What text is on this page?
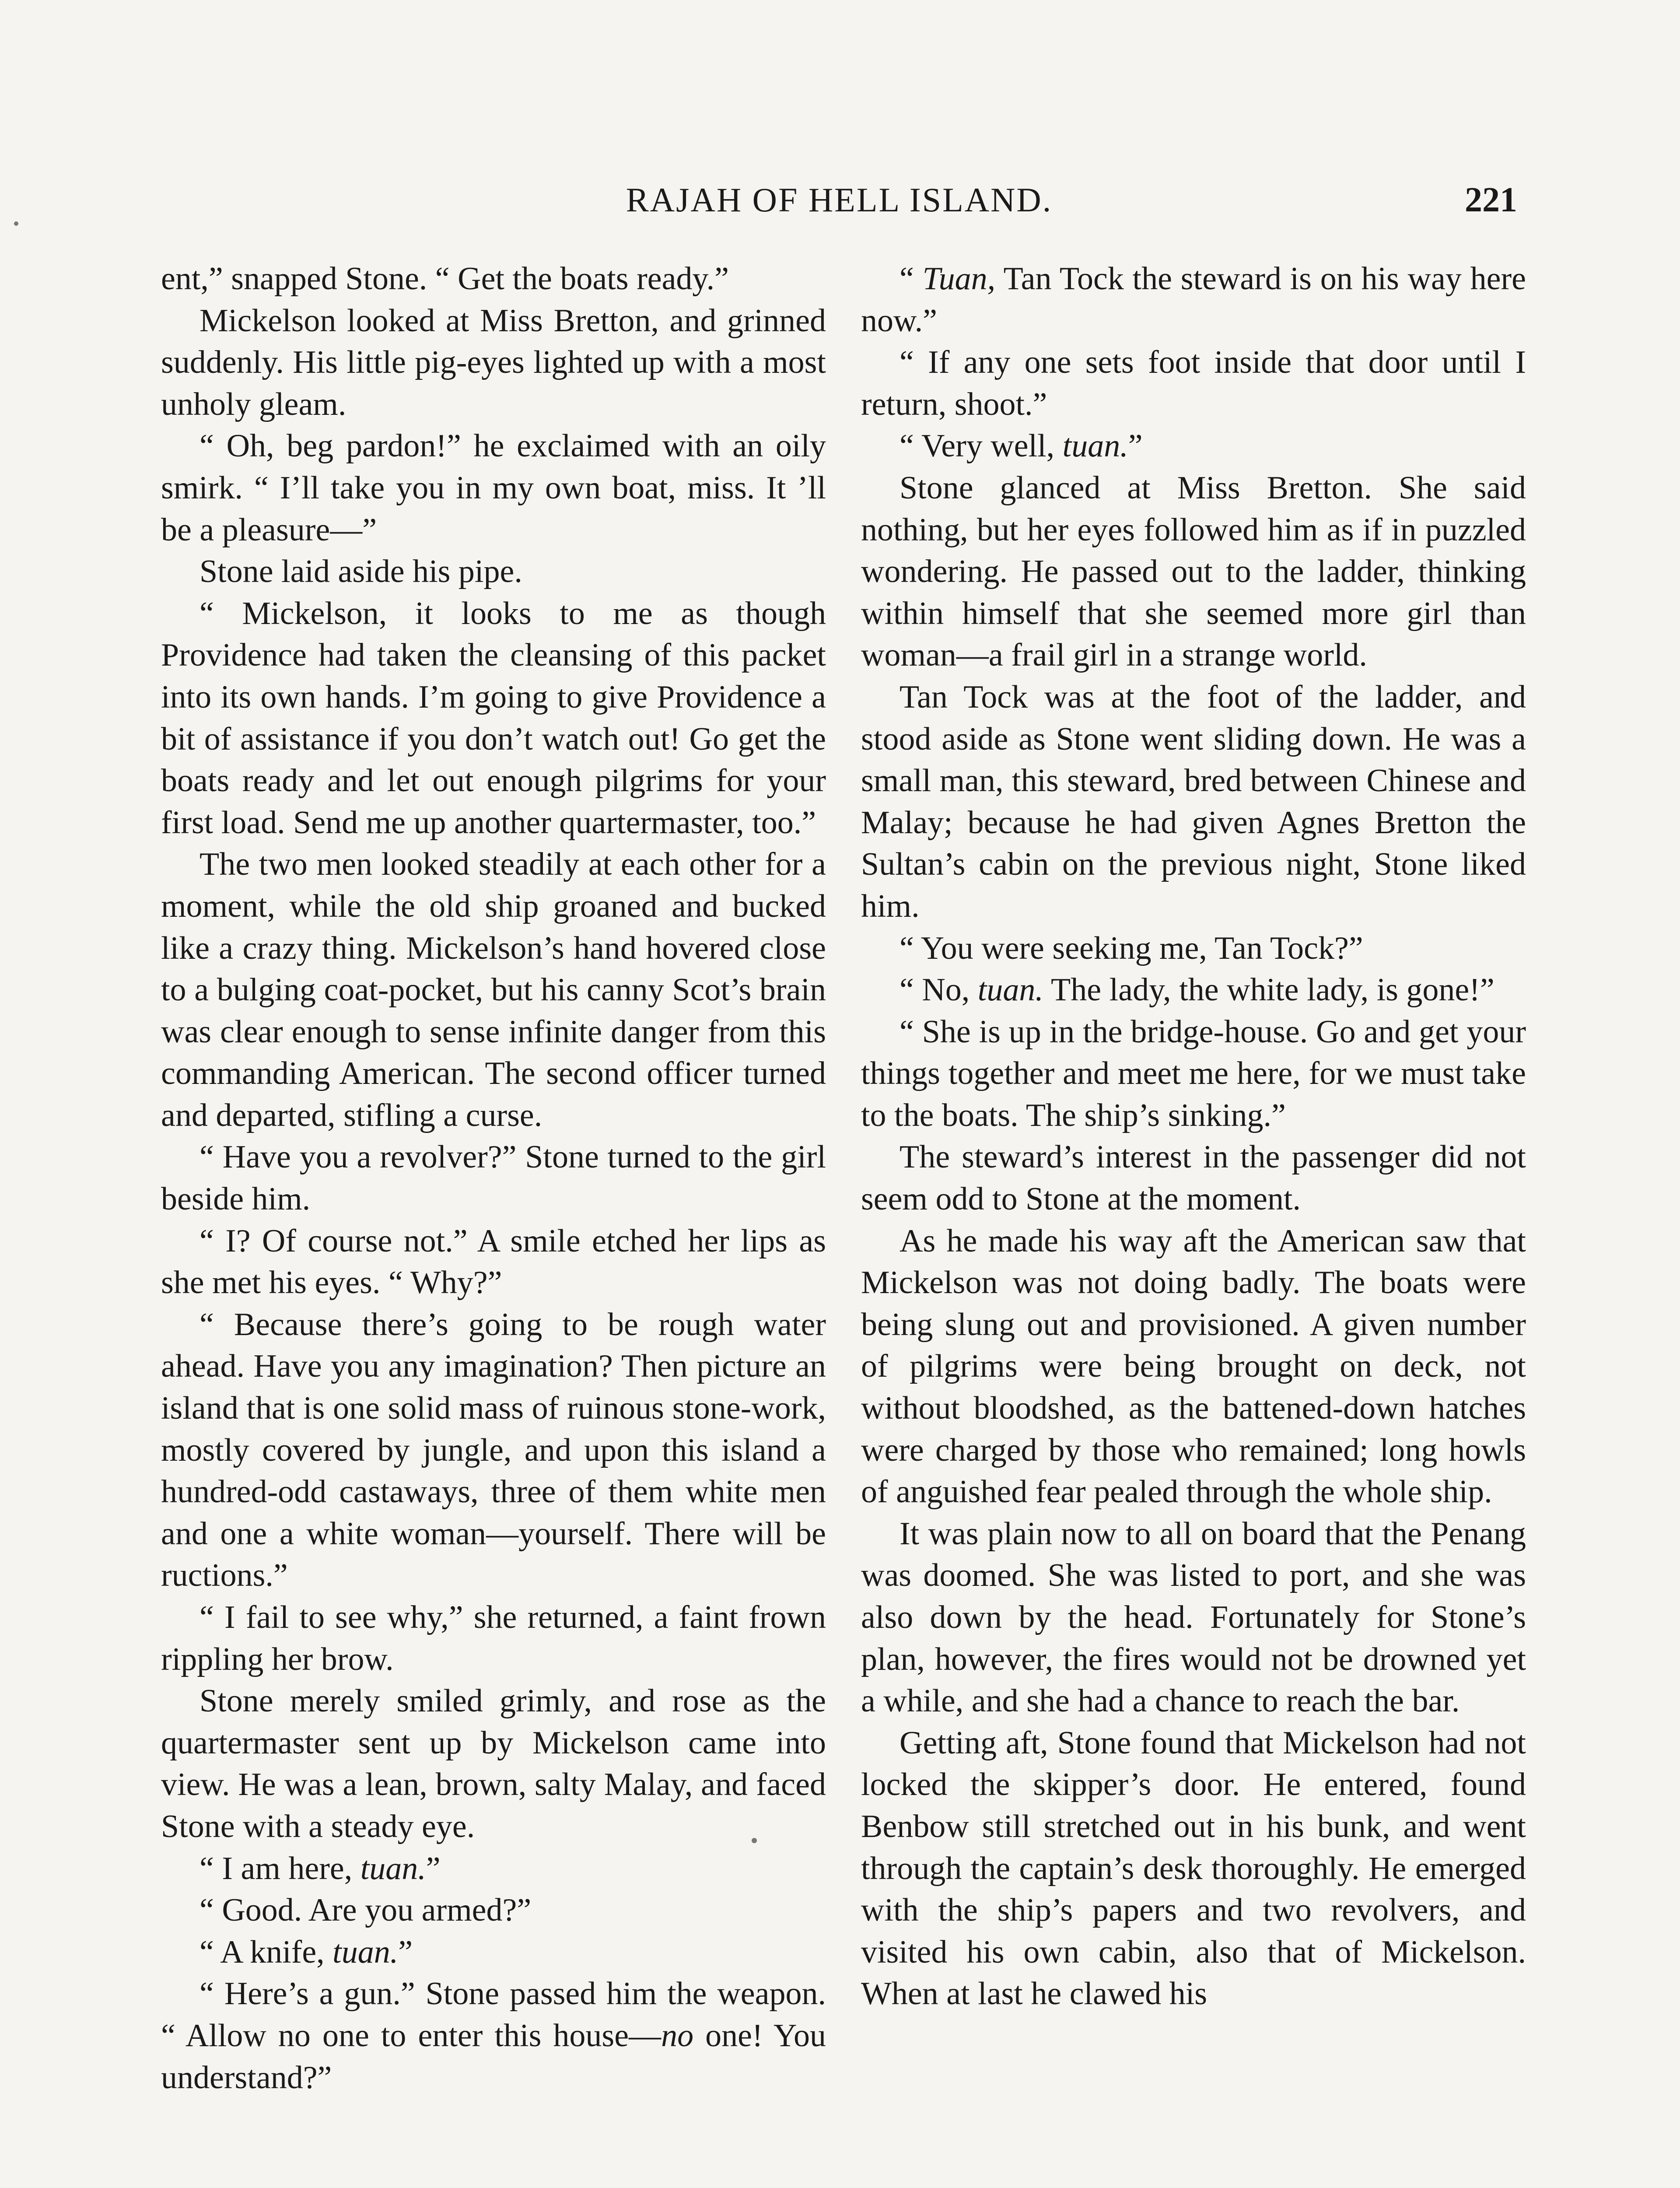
RAJAH OF HELL ISLAND.	221

ent,” snapped Stone. “ Get the boats ready.”

Mickelson looked at Miss Bretton, and grinned suddenly. His little pig-eyes lighted up with a most unholy gleam.

“ Oh, beg pardon!” he exclaimed with an oily smirk. “ I’ll take you in my own boat, miss. It ’ll be a pleasure—”

Stone laid aside his pipe.

“ Mickelson, it looks to me as though Providence had taken the cleansing of this packet into its own hands. I’m going to give Providence a bit of assistance if you don’t watch out! Go get the boats ready and let out enough pilgrims for your first load. Send me up another quartermaster, too.”

The two men looked steadily at each other for a moment, while the old ship groaned and bucked like a crazy thing. Mickelson’s hand hovered close to a bulging coat-pocket, but his canny Scot’s brain was clear enough to sense infinite danger from this commanding American. The second officer turned and departed, stifling a curse.

“ Have you a revolver?” Stone turned to the girl beside him.

“ I? Of course not.” A smile etched her lips as she met his eyes. “ Why?”

“ Because there’s going to be rough water ahead. Have you any imagination? Then picture an island that is one solid mass of ruinous stone-work, mostly covered by jungle, and upon this island a hundred-odd castaways, three of them white men and one a white woman—yourself. There will be ructions.”

“ I fail to see why,” she returned, a faint frown rippling her brow.

Stone merely smiled grimly, and rose as the quartermaster sent up by Mickelson came into view. He was a lean, brown, salty Malay, and faced Stone with a steady eye.

“ I am here, tuan.”

“ Good. Are you armed?”

“ A knife, tuan.”

“ Here’s a gun.” Stone passed him the weapon. “ Allow no one to enter this house—no one! You understand?”

“ Tuan, Tan Tock the steward is on his way here now.”

“ If any one sets foot inside that door until I return, shoot.”

“ Very well, tuan.”

Stone glanced at Miss Bretton. She said nothing, but her eyes followed him as if in puzzled wondering. He passed out to the ladder, thinking within himself that she seemed more girl than woman—a frail girl in a strange world.

Tan Tock was at the foot of the ladder, and stood aside as Stone went sliding down. He was a small man, this steward, bred between Chinese and Malay; because he had given Agnes Bretton the Sultan’s cabin on the previous night, Stone liked him.

“ You were seeking me, Tan Tock?”

“ No, tuan. The lady, the white lady, is gone!”

“ She is up in the bridge-house. Go and get your things together and meet me here, for we must take to the boats. The ship’s sinking.”

The steward’s interest in the passenger did not seem odd to Stone at the moment.

As he made his way aft the American saw that Mickelson was not doing badly. The boats were being slung out and provisioned. A given number of pilgrims were being brought on deck, not without bloodshed, as the battened-down hatches were charged by those who remained; long howls of anguished fear pealed through the whole ship.

It was plain now to all on board that the Penang was doomed. She was listed to port, and she was also down by the head. Fortunately for Stone’s plan, however, the fires would not be drowned yet a while, and she had a chance to reach the bar.

Getting aft, Stone found that Mickelson had not locked the skipper’s door. He entered, found Benbow still stretched out in his bunk, and went through the captain’s desk thoroughly. He emerged with the ship’s papers and two revolvers, and visited his own cabin, also that of Mickelson. When at last he clawed his
